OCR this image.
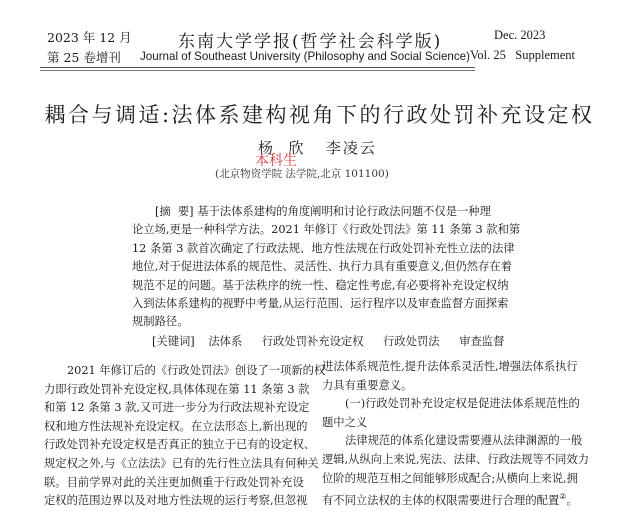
2023 年 12 月
第 25 卷增刊
东南大学学报(哲学社会科学版)
Journal of Southeast University (Philosophy and Social Science)
Dec. 2023
Vol. 25   Supplement
耦合与调适:法体系建构视角下的行政处罚补充设定权
杨  欣   李凌云
本科生
(北京物资学院 法学院,北京 101100)
[摘  要] 基于法体系建构的角度阐明和讨论行政法问题不仅是一种理
论立场,更是一种科学方法。2021 年修订《行政处罚法》第 11 条第 3 款和第
12 条第 3 款首次确定了行政法规、地方性法规在行政处罚补充性立法的法律
地位,对于促进法体系的规范性、灵活性、执行力具有重要意义,但仍然存在着
规范不足的问题。基于法秩序的统一性、稳定性考虑,有必要将补充设定权纳
入到法体系建构的视野中考量,从运行范围、运行程序以及审查监督方面探索
规制路径。
[关键词] 法体系 行政处罚补充设定权 行政处罚法 审查监督
2021 年修订后的《行政处罚法》创设了一项新的权
力即行政处罚补充设定权,具体体现在第 11 条第 3 款
和第 12 条第 3 款,又可进一步分为行政法规补充设定
权和地方性法规补充设定权。在立法形态上,新出现的
行政处罚补充设定权是否真正的独立于已有的设定权、
规定权之外,与《立法法》已有的先行性立法具有何种关
联。目前学界对此的关注更加侧重于行政处罚补充设
定权的范围边界以及对地方性法规的运行考察,但忽视
进法体系规范性,提升法体系灵活性,增强法体系执行
力具有重要意义。
(一)行政处罚补充设定权是促进法体系规范性的
题中之义
法律规范的体系化建设需要遵从法律渊源的一般
逻辑,从纵向上来说,宪法、法律、行政法规等不同效力
位阶的规范互相之间能够形成配合;从横向上来说,拥
有不同立法权的主体的权限需要进行合理的配置②。
